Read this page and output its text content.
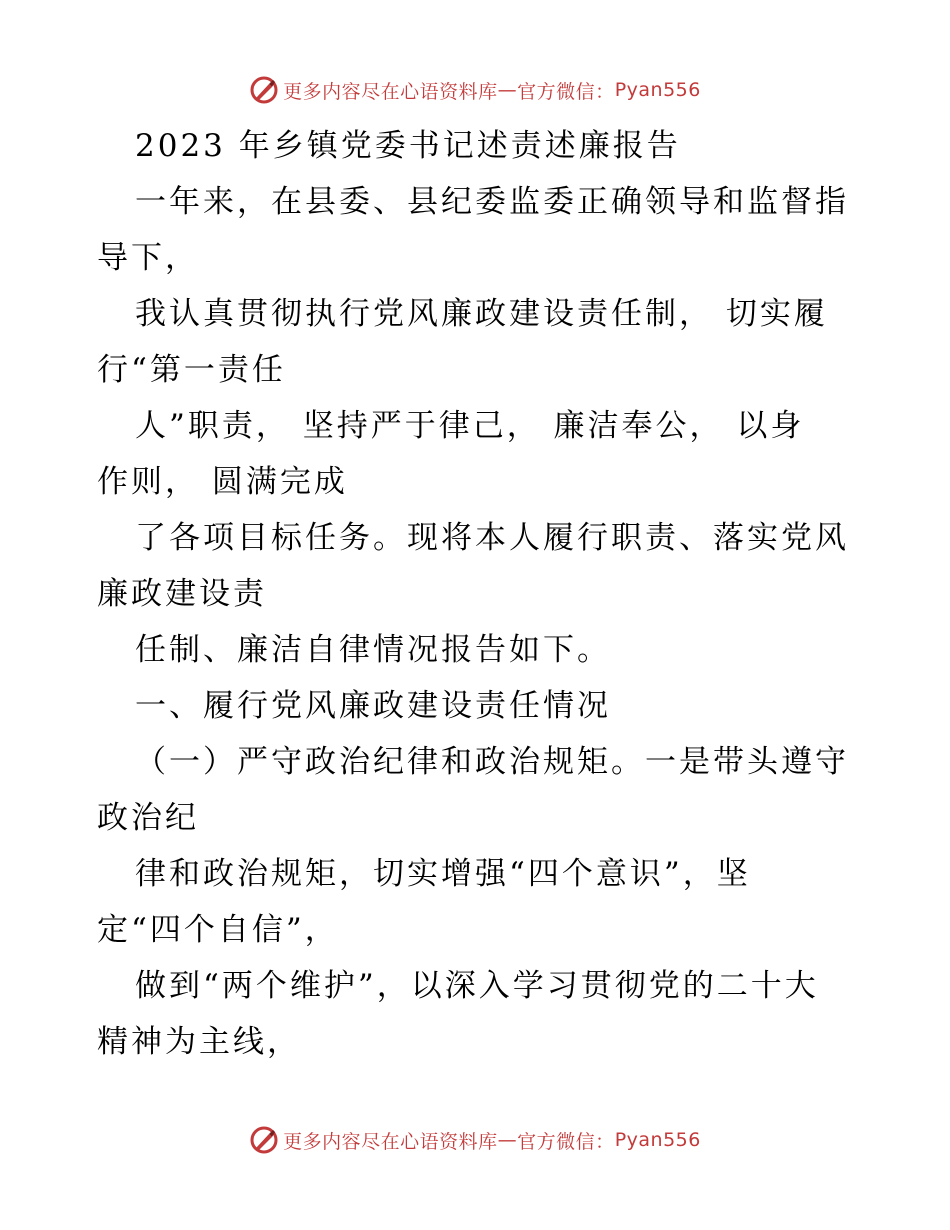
更多内容尽在心语资料库 — 官方微信： Pyan556
2023 年乡镇党委书记述责述廉报告
一年来，在县委、县纪委监委正确领导和监督指
导下，
我认真贯彻执行党风廉政建设责任制， 切实履
行“第一责任
人”职责， 坚持严于律己， 廉洁奉公， 以身
作则， 圆满完成
了各项目标任务。现将本人履行职责、落实党风
廉政建设责
任制、廉洁自律情况报告如下。
一、履行党风廉政建设责任情况
（一）严守政治纪律和政治规矩。一是带头遵守
政治纪
律和政治规矩，切实增强“四个意识”，坚
定“四个自信”，
做到“两个维护”，以深入学习贯彻党的二十大
精神为主线，
更多内容尽在心语资料库 — 官方微信： Pyan556
